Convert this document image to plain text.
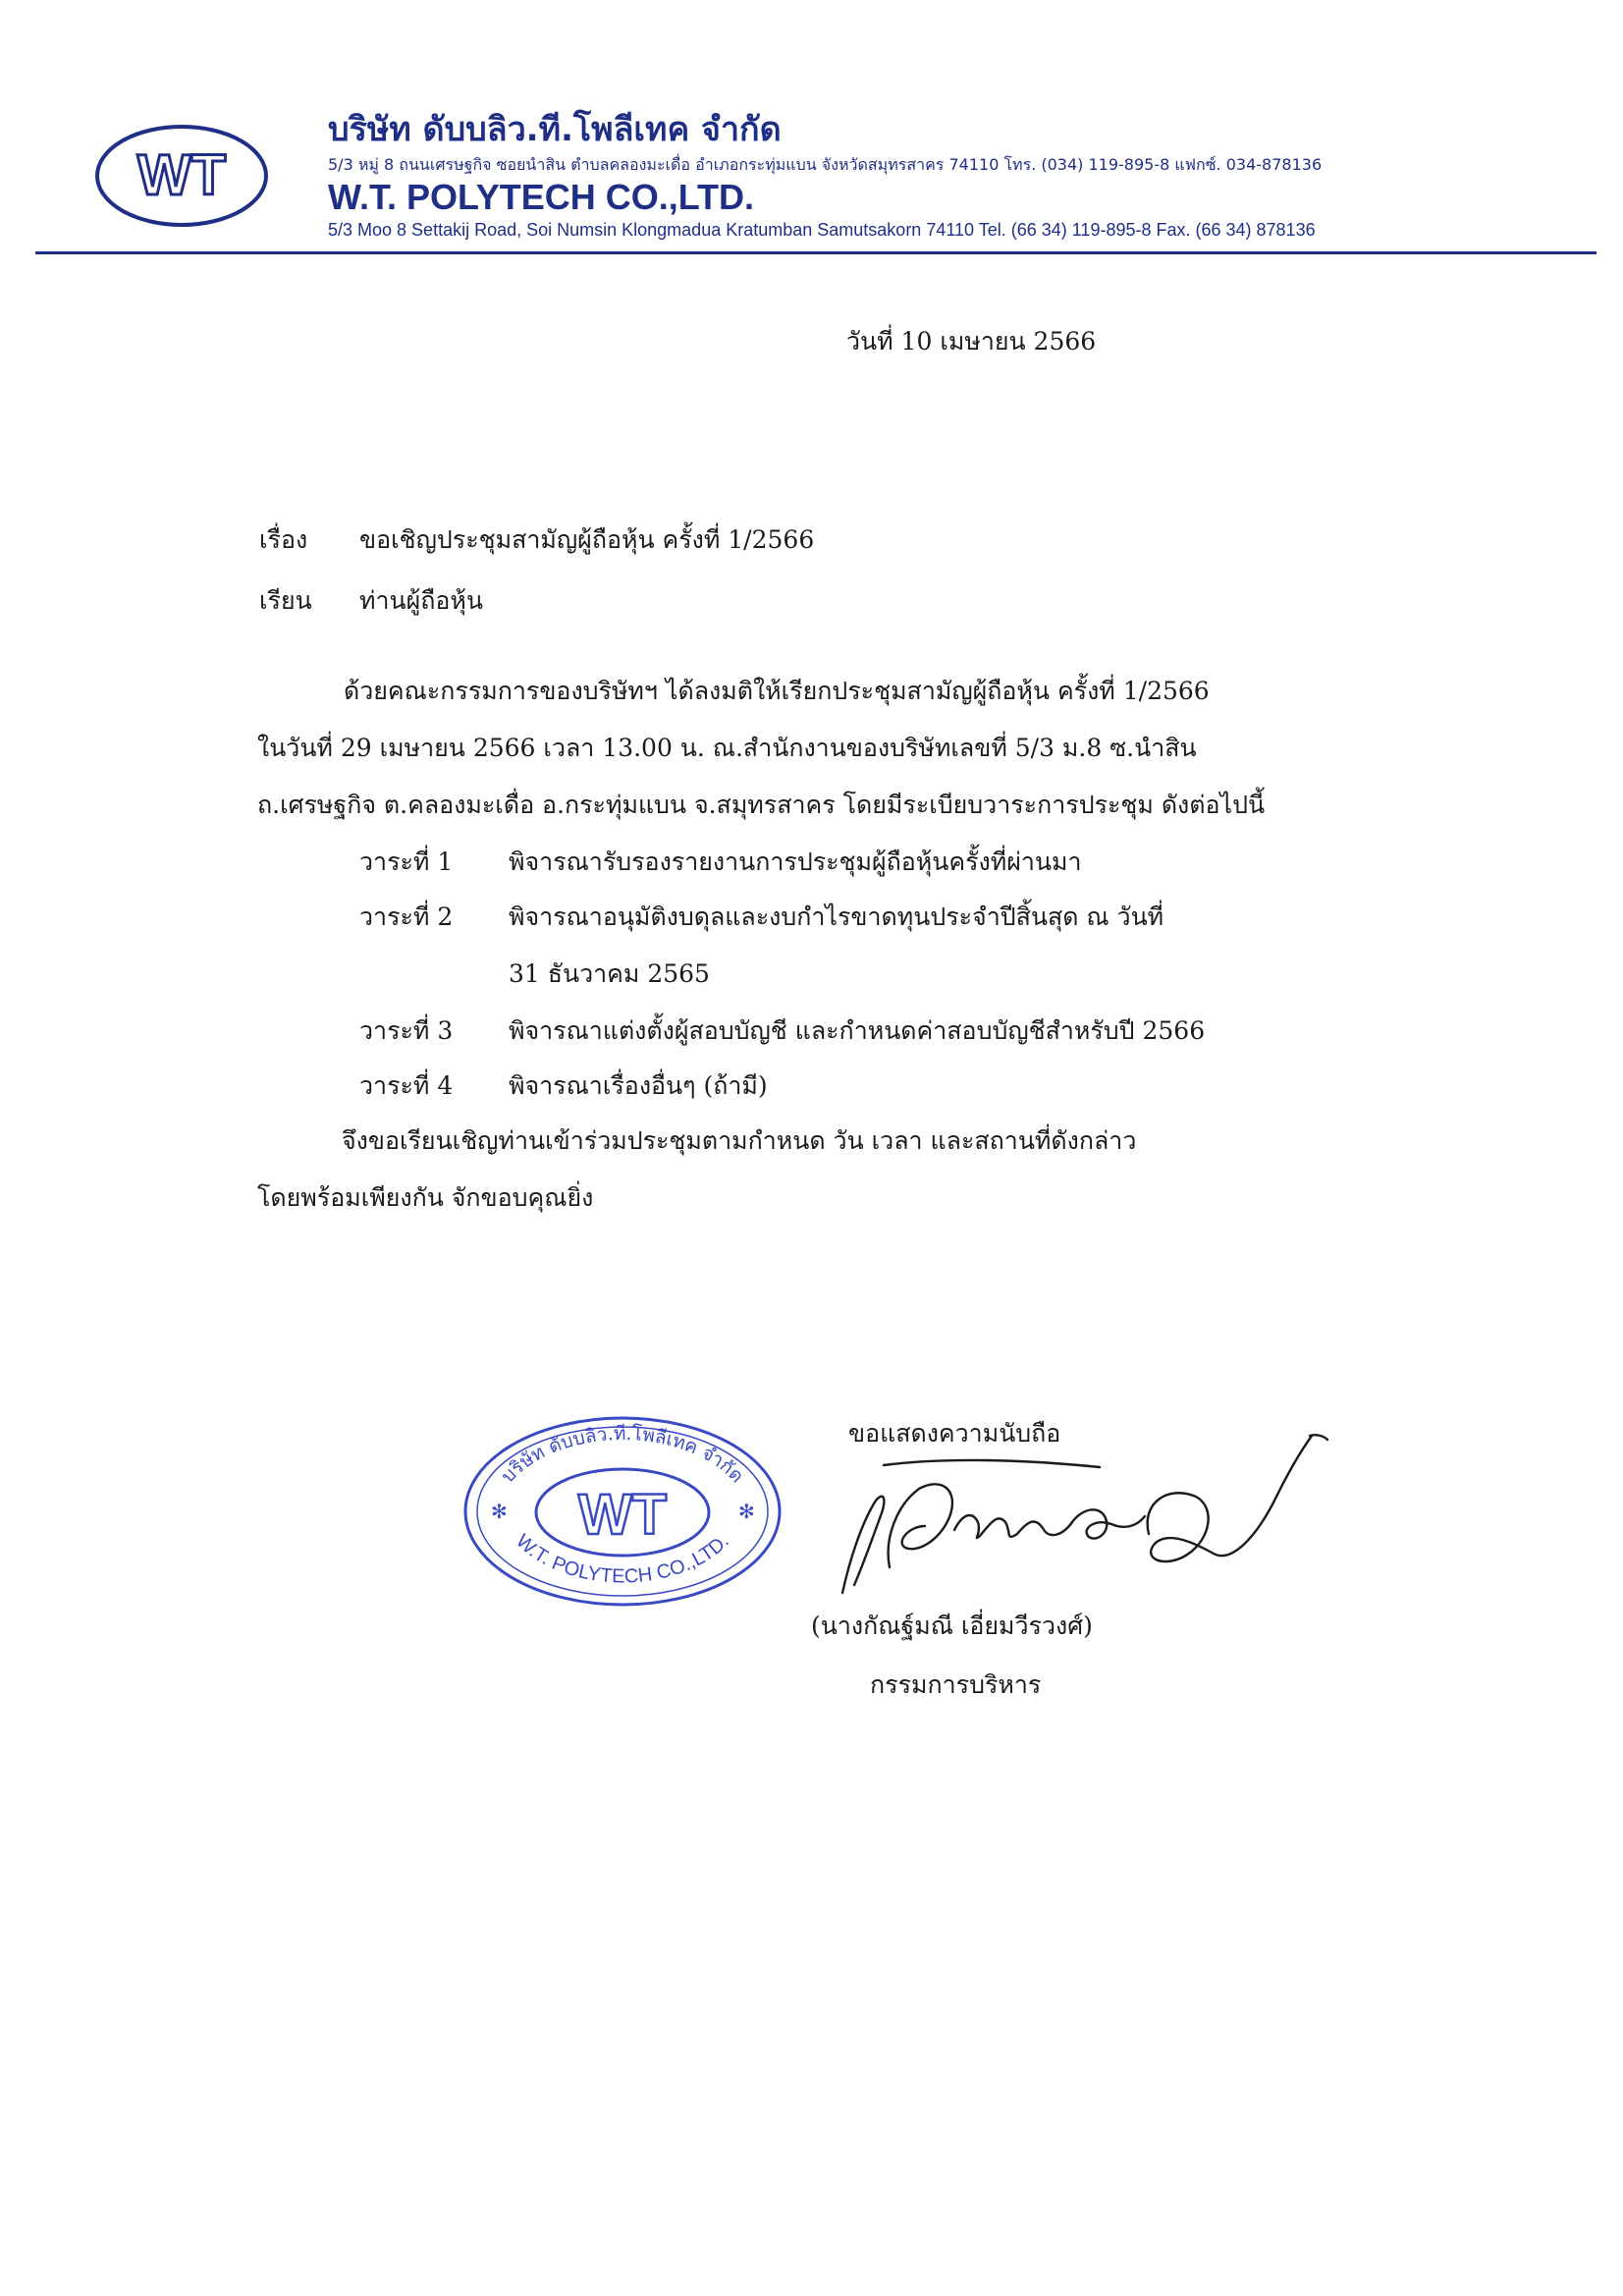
WT
บริษัท ดับบลิว.ที.โพลีเทค จำกัด
5/3 หมู่ 8 ถนนเศรษฐกิจ ซอยนำสิน ตำบลคลองมะเดื่อ อำเภอกระทุ่มแบน จังหวัดสมุทรสาคร 74110 โทร. (034) 119-895-8 แฟกซ์. 034-878136
W.T. POLYTECH CO.,LTD.
5/3 Moo 8 Settakij Road, Soi Numsin Klongmadua Kratumban Samutsakorn 74110 Tel. (66 34) 119-895-8 Fax. (66 34) 878136
วันที่ 10 เมษายน 2566
เรื่อง ขอเชิญประชุมสามัญผู้ถือหุ้น ครั้งที่ 1/2566
เรียน ท่านผู้ถือหุ้น
ด้วยคณะกรรมการของบริษัทฯ ได้ลงมติให้เรียกประชุมสามัญผู้ถือหุ้น ครั้งที่ 1/2566
ในวันที่ 29 เมษายน 2566 เวลา 13.00 น. ณ.สำนักงานของบริษัทเลขที่ 5/3 ม.8 ซ.นำสิน
ถ.เศรษฐกิจ ต.คลองมะเดื่อ อ.กระทุ่มแบน จ.สมุทรสาคร โดยมีระเบียบวาระการประชุม ดังต่อไปนี้
วาระที่ 1 พิจารณารับรองรายงานการประชุมผู้ถือหุ้นครั้งที่ผ่านมา
วาระที่ 2 พิจารณาอนุมัติงบดุลและงบกำไรขาดทุนประจำปีสิ้นสุด ณ วันที่
31 ธันวาคม 2565
วาระที่ 3 พิจารณาแต่งตั้งผู้สอบบัญชี และกำหนดค่าสอบบัญชีสำหรับปี 2566
วาระที่ 4 พิจารณาเรื่องอื่นๆ (ถ้ามี)
จึงขอเรียนเชิญท่านเข้าร่วมประชุมตามกำหนด วัน เวลา และสถานที่ดังกล่าว
โดยพร้อมเพียงกัน จักขอบคุณยิ่ง
บริษัท ดับบลิว.ที.โพลีเทค จำกัด
W.T. POLYTECH CO.,LTD.
WT
✻	✻
ขอแสดงความนับถือ
(นางกัณฐ์มณี เอี่ยมวีรวงศ์)
กรรมการบริหาร
